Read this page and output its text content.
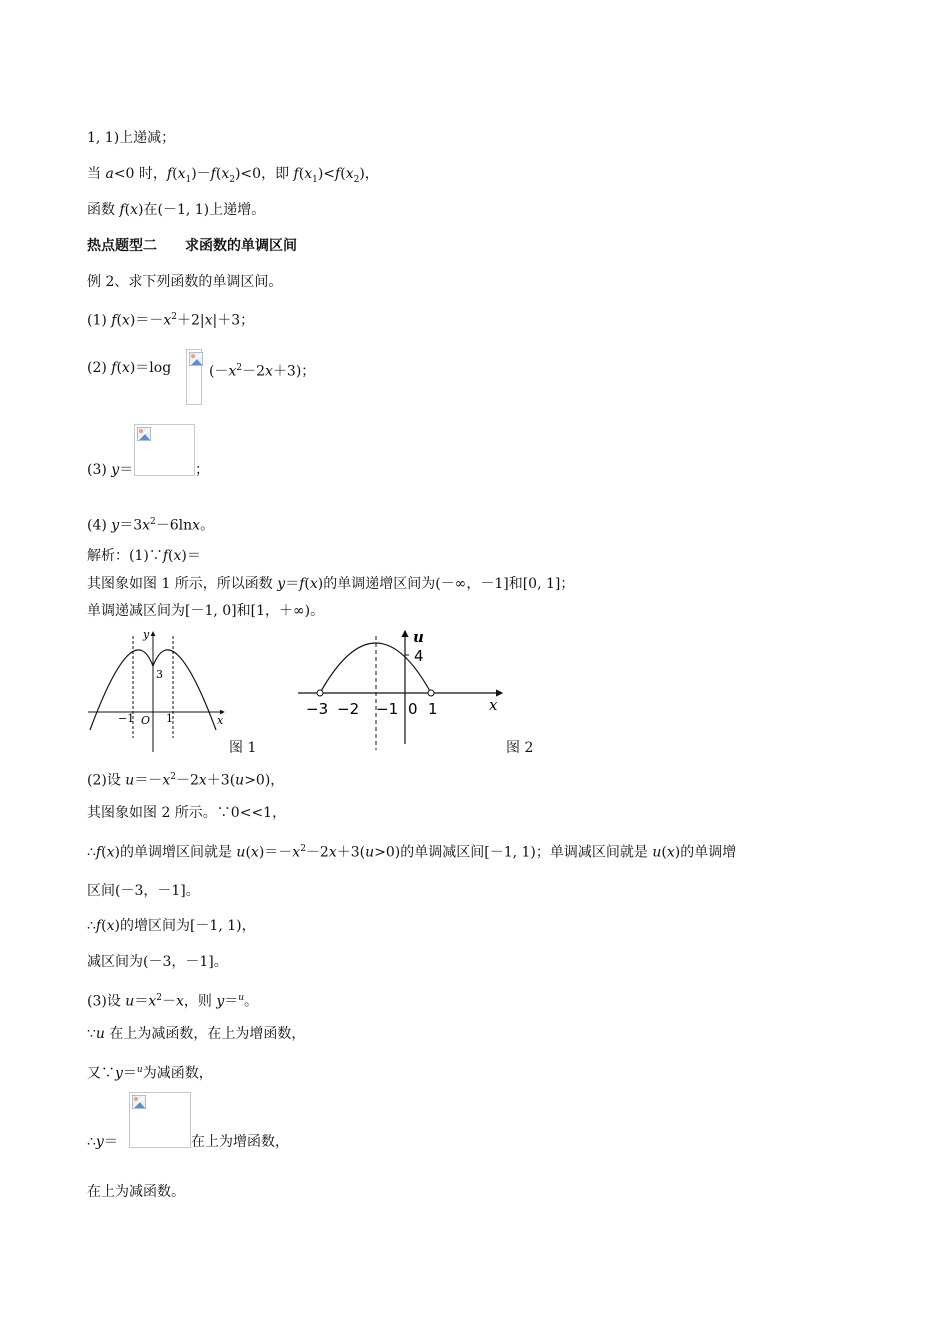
1, 1)上递减；
当 a<0 时，$f(x_1)-f(x_2)<0$，即 $f(x_1)<f(x_2)$，
函数 f(x)在(－1, 1)上递增。
热点题型二　　求函数的单调区间
例 2、求下列函数的单调区间。
(1) $f(x)=-x^2+2|x|+3$；
(2) f(x)＝log	$(-x^2-2x+3)$；
(3) y＝	；
(4) $y=3x^2-6\ln x$。
解析：(1)∵f(x)＝
其图象如图 1 所示，所以函数 y＝f(x)的单调递增区间为(－∞，－1]和[0, 1]；
单调递减区间为[－1, 0]和[1，＋∞)。
y
x
O
−1	1
3
图 1
u
4
x
−3 −2 −1 0 1
图 2
(2)设 $u=-x^2-2x+3(u>0)$，
其图象如图 2 所示。∵0<<1，
∴f(x)的单调增区间就是 $u(x)=-x^2-2x+3(u>0)$的单调减区间[－1, 1)；单调减区间就是 u(x)的单调增
区间(－3，－1]。
∴f(x)的增区间为[－1, 1)，
减区间为(－3，－1]。
(3)设 $u=x^2-x$，则 y＝$^u$。
∵u 在上为减函数，在上为增函数，
又∵y＝$^u$为减函数，
∴y＝	在上为增函数，
在上为减函数。
